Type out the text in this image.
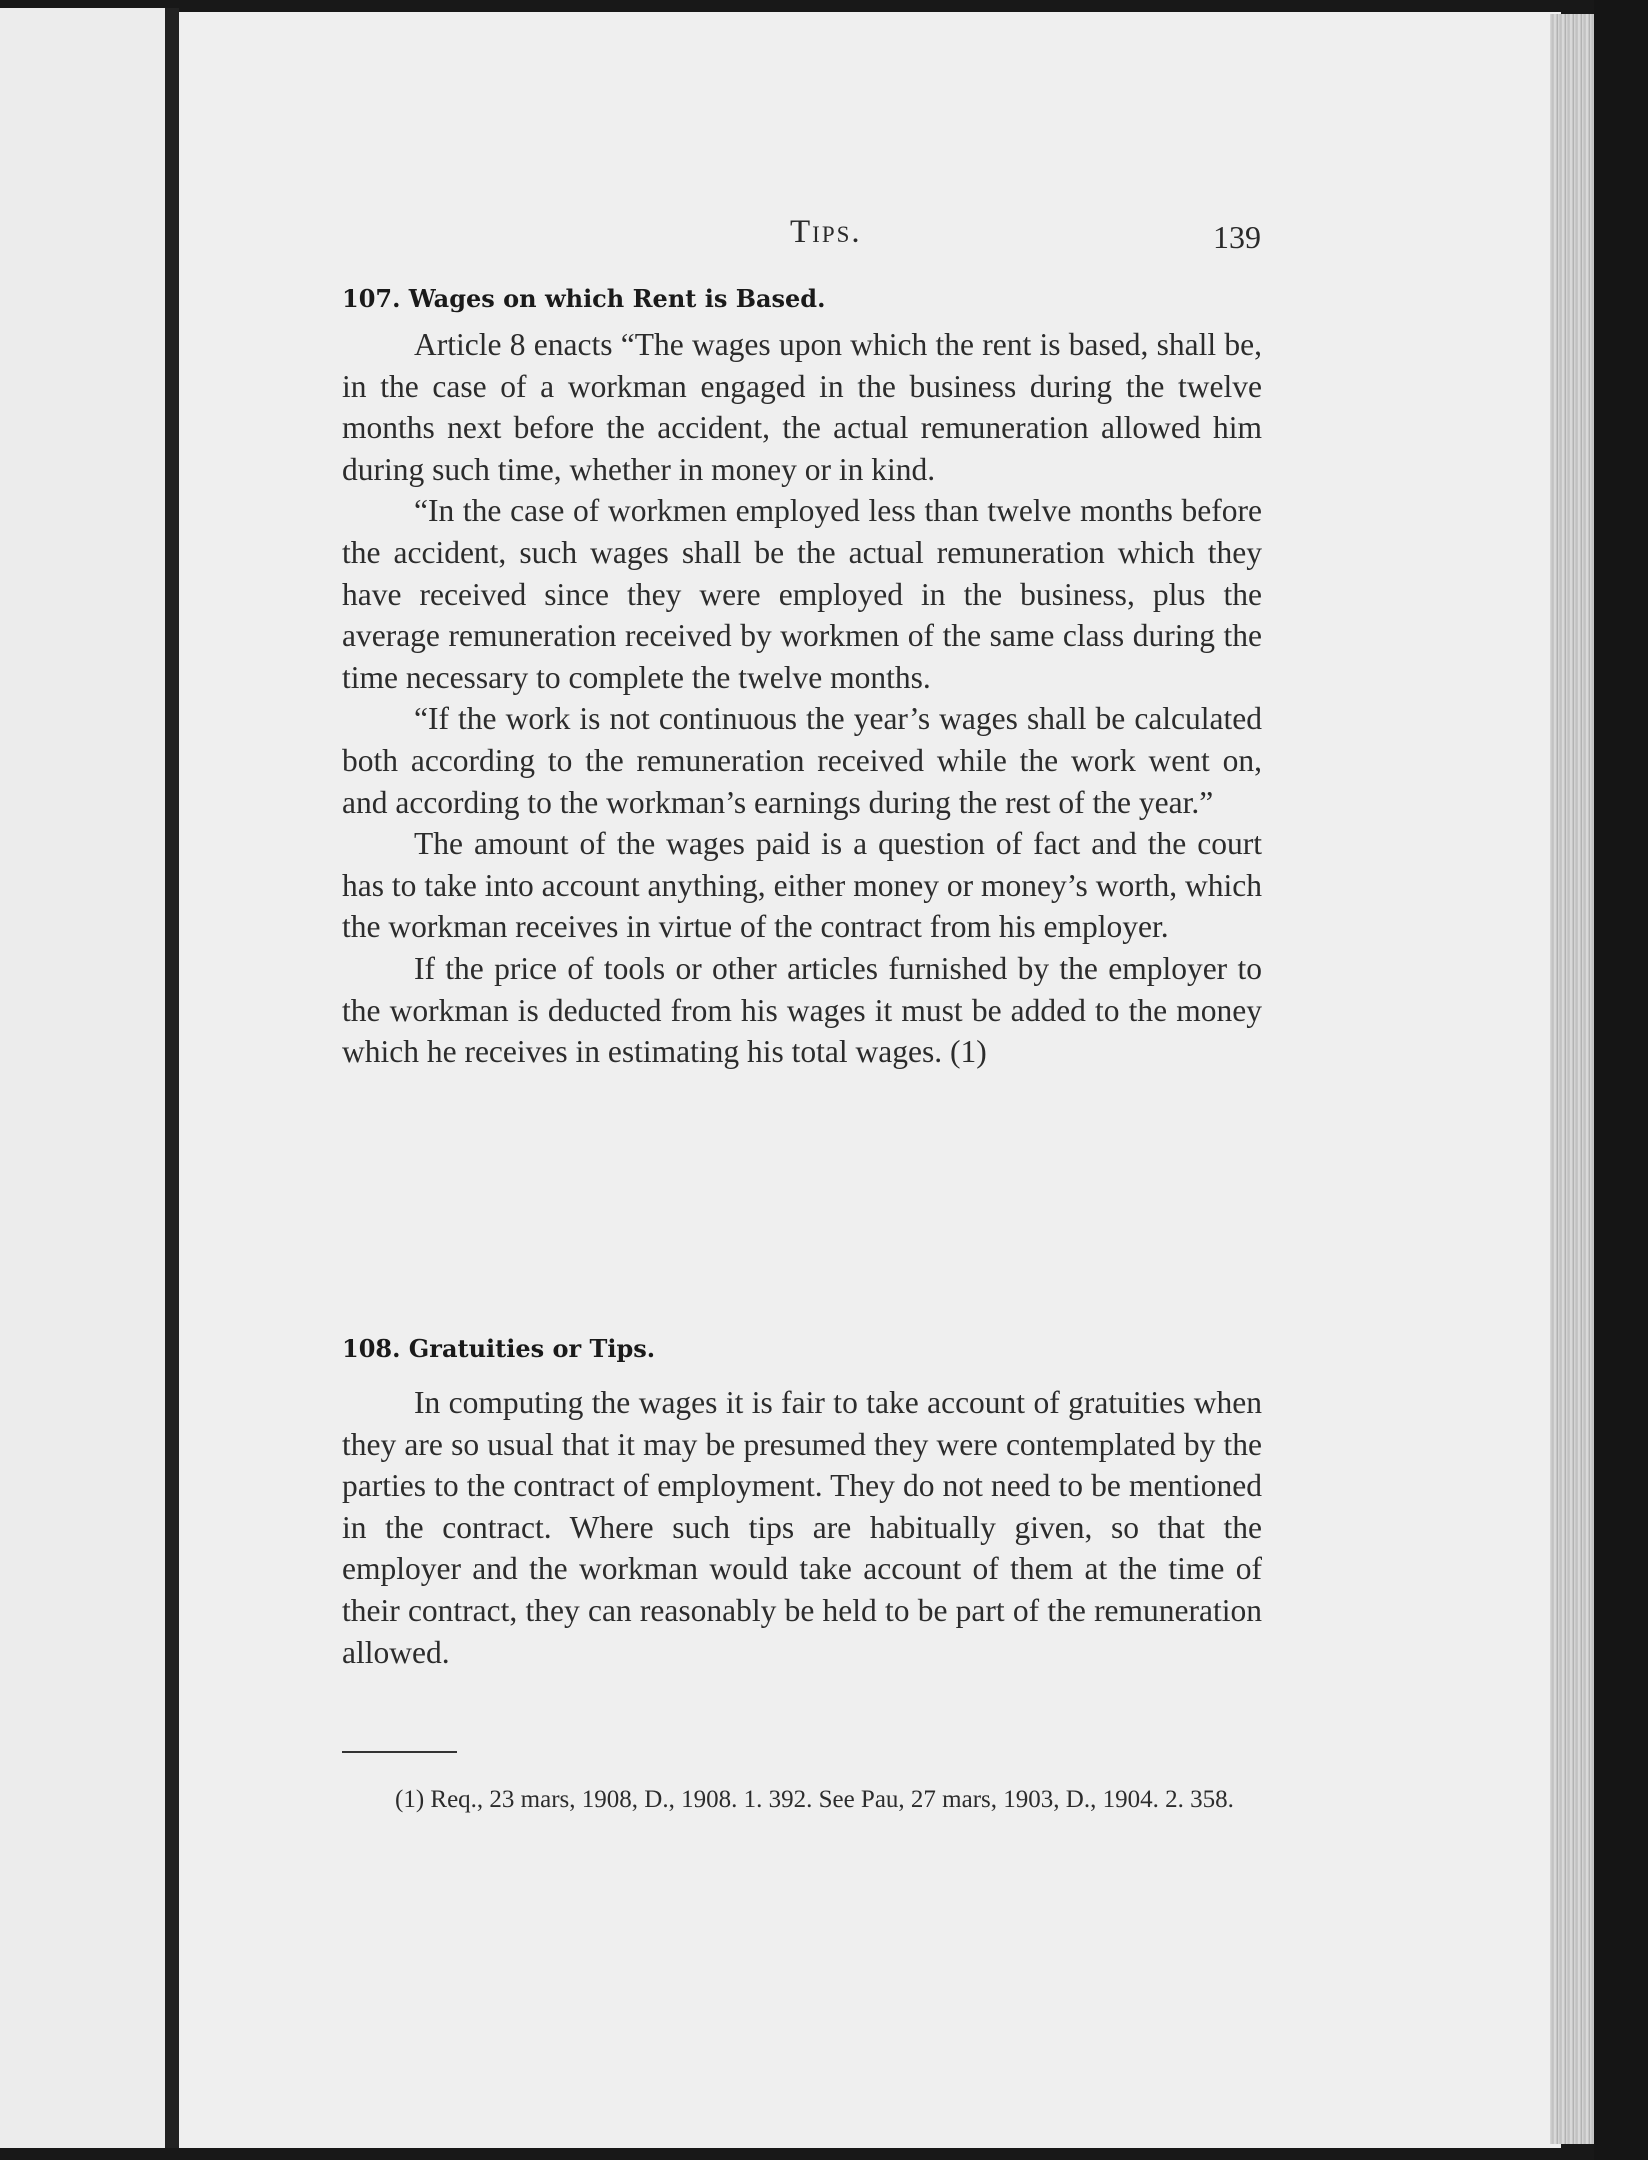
Tips.	139
107. Wages on which Rent is Based.

Article 8 enacts “The wages upon which the rent is based, shall be, in the case of a workman engaged in the business during the twelve months next before the accident, the actual remuneration allowed him during such time, whether in money or in kind.

“In the case of workmen employed less than twelve months before the accident, such wages shall be the actual remuneration which they have received since they were employed in the business, plus the average remuneration received by workmen of the same class during the time necessary to complete the twelve months.

“If the work is not continuous the year’s wages shall be calculated both according to the remuneration received while the work went on, and according to the workman’s earnings during the rest of the year.”

The amount of the wages paid is a question of fact and the court has to take into account anything, either money or money’s worth, which the workman receives in virtue of the contract from his employer.

If the price of tools or other articles furnished by the employer to the workman is deducted from his wages it must be added to the money which he receives in estimating his total wages. (1)

108. Gratuities or Tips.

In computing the wages it is fair to take account of gratuities when they are so usual that it may be presumed they were contemplated by the parties to the contract of employment. They do not need to be mentioned in the contract. Where such tips are habitually given, so that the employer and the workman would take account of them at the time of their contract, they can reasonably be held to be part of the remuneration allowed.

(1) Req., 23 mars, 1908, D., 1908. 1. 392. See Pau, 27 mars, 1903, D., 1904. 2. 358.
